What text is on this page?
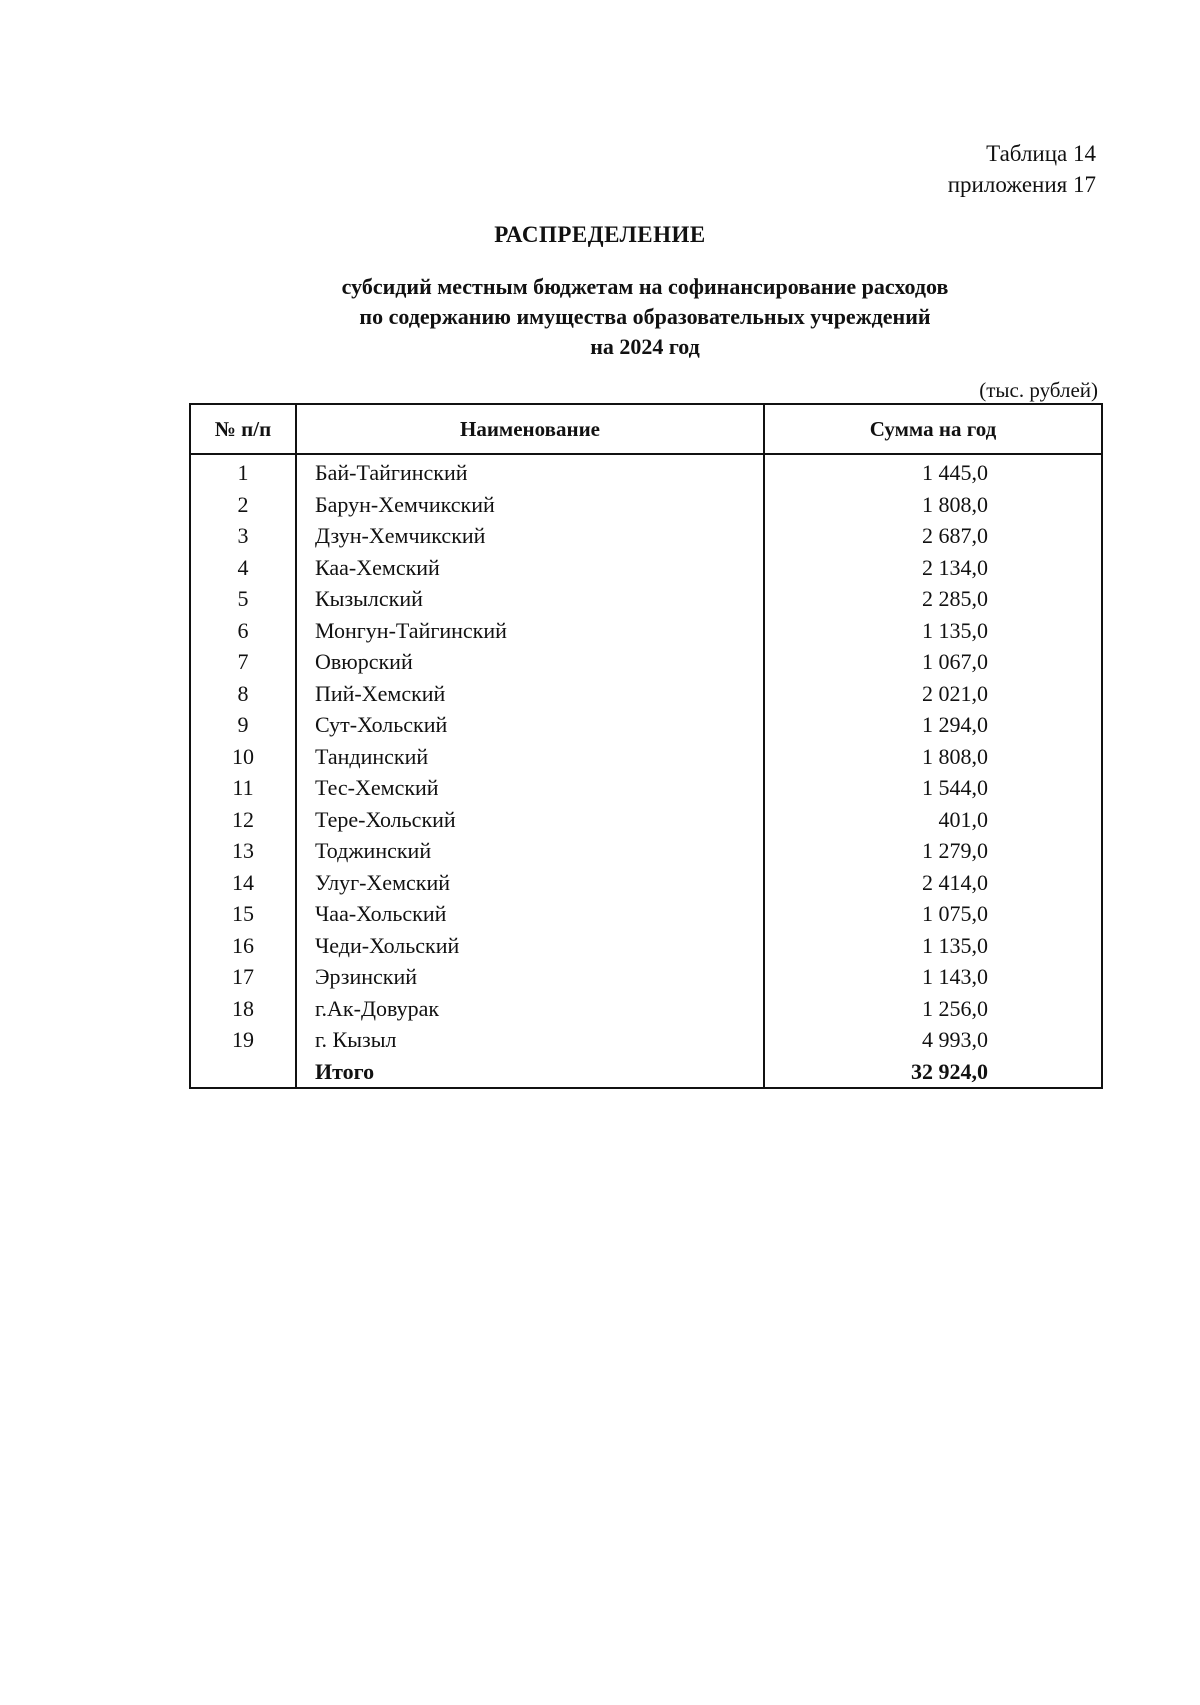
Таблица 14
приложения 17
РАСПРЕДЕЛЕНИЕ
субсидий местным бюджетам на софинансирование расходов
по содержанию имущества образовательных учреждений
на 2024 год
(тыс. рублей)
№ п/п	Наименование	Сумма на год
1	Бай-Тайгинский	1 445,0
2	Барун-Хемчикский	1 808,0
3	Дзун-Хемчикский	2 687,0
4	Каа-Хемский	2 134,0
5	Кызылский	2 285,0
6	Монгун-Тайгинский	1 135,0
7	Овюрский	1 067,0
8	Пий-Хемский	2 021,0
9	Сут-Хольский	1 294,0
10	Тандинский	1 808,0
11	Тес-Хемский	1 544,0
12	Тере-Хольский	401,0
13	Тоджинский	1 279,0
14	Улуг-Хемский	2 414,0
15	Чаа-Хольский	1 075,0
16	Чеди-Хольский	1 135,0
17	Эрзинский	1 143,0
18	г.Ак-Довурак	1 256,0
19	г. Кызыл	4 993,0
	Итого	32 924,0
